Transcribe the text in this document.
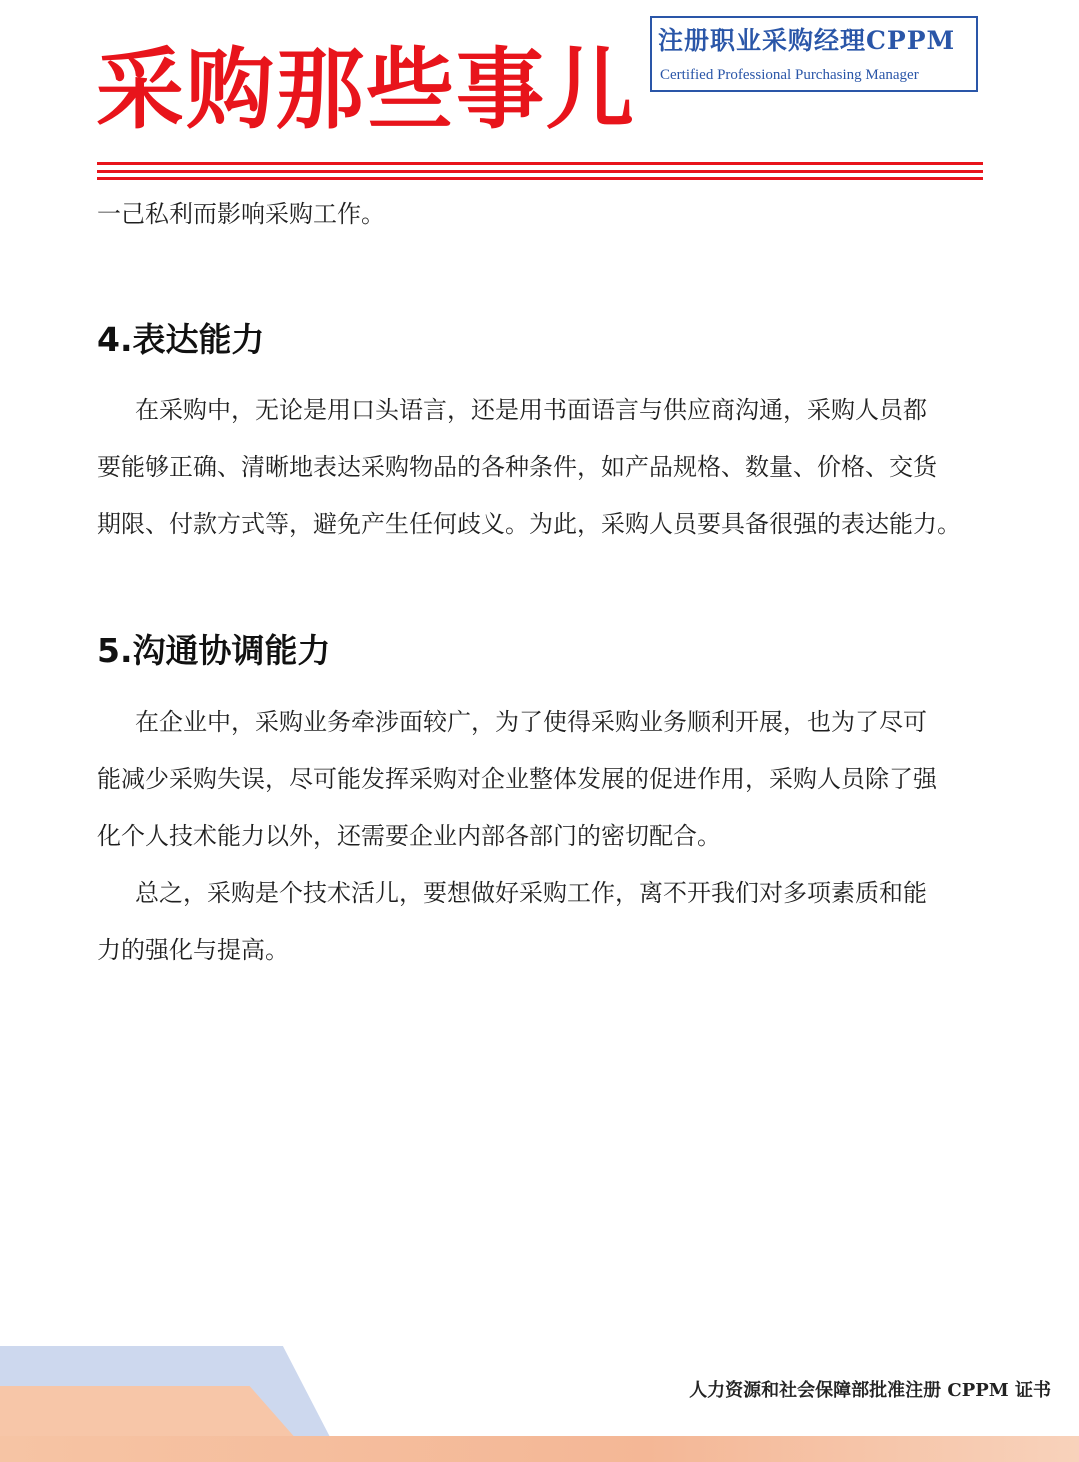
采购那些事儿 注册职业采购经理CPPM
Certified Professional Purchasing Manager

一己私利而影响采购工作。

4.表达能力

在采购中，无论是用口头语言，还是用书面语言与供应商沟通，采购人员都

要能够正确、清晰地表达采购物品的各种条件，如产品规格、数量、价格、交货

期限、付款方式等，避免产生任何歧义。为此，采购人员要具备很强的表达能力。

5.沟通协调能力

在企业中，采购业务牵涉面较广，为了使得采购业务顺利开展，也为了尽可

能减少采购失误，尽可能发挥采购对企业整体发展的促进作用，采购人员除了强

化个人技术能力以外，还需要企业内部各部门的密切配合。

总之，采购是个技术活儿，要想做好采购工作，离不开我们对多项素质和能

力的强化与提高。

人力资源和社会保障部批准注册 CPPM 证书
